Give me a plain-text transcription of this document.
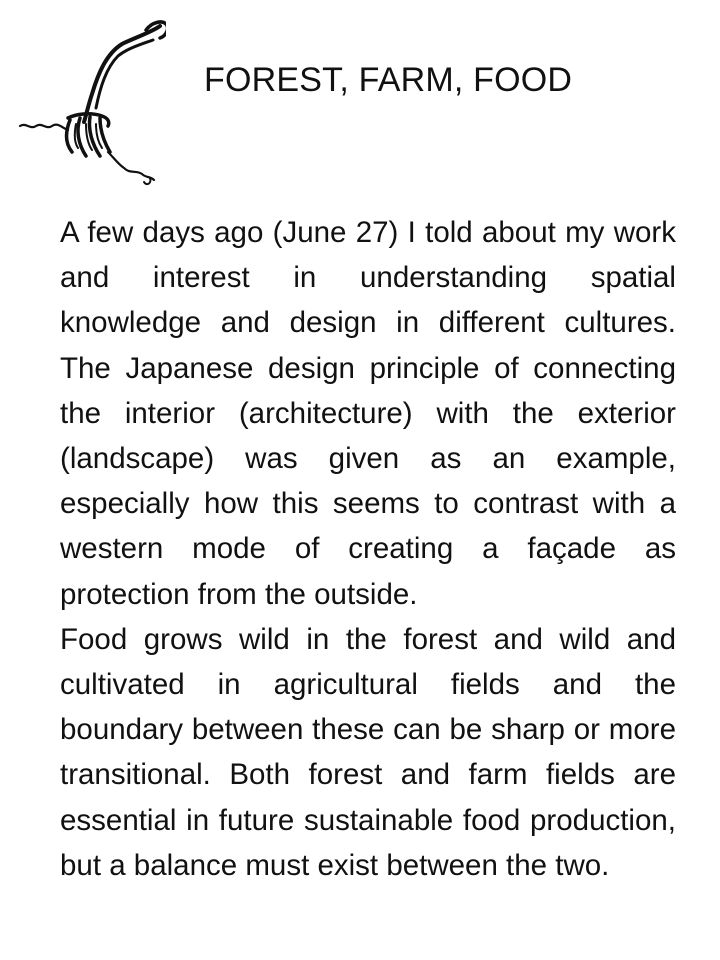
FOREST, FARM, FOOD

A few days ago (June 27) I told about my work and interest in understanding spatial knowledge and design in different cultures. The Japanese design principle of connecting the interior (architecture) with the exterior (landscape) was given as an example, especially how this seems to contrast with a western mode of creating a façade as protection from the outside.

Food grows wild in the forest and wild and cultivated in agricultural fields and the boundary between these can be sharp or more transitional. Both forest and farm fields are essential in future sustainable food production, but a balance must exist between the two.
